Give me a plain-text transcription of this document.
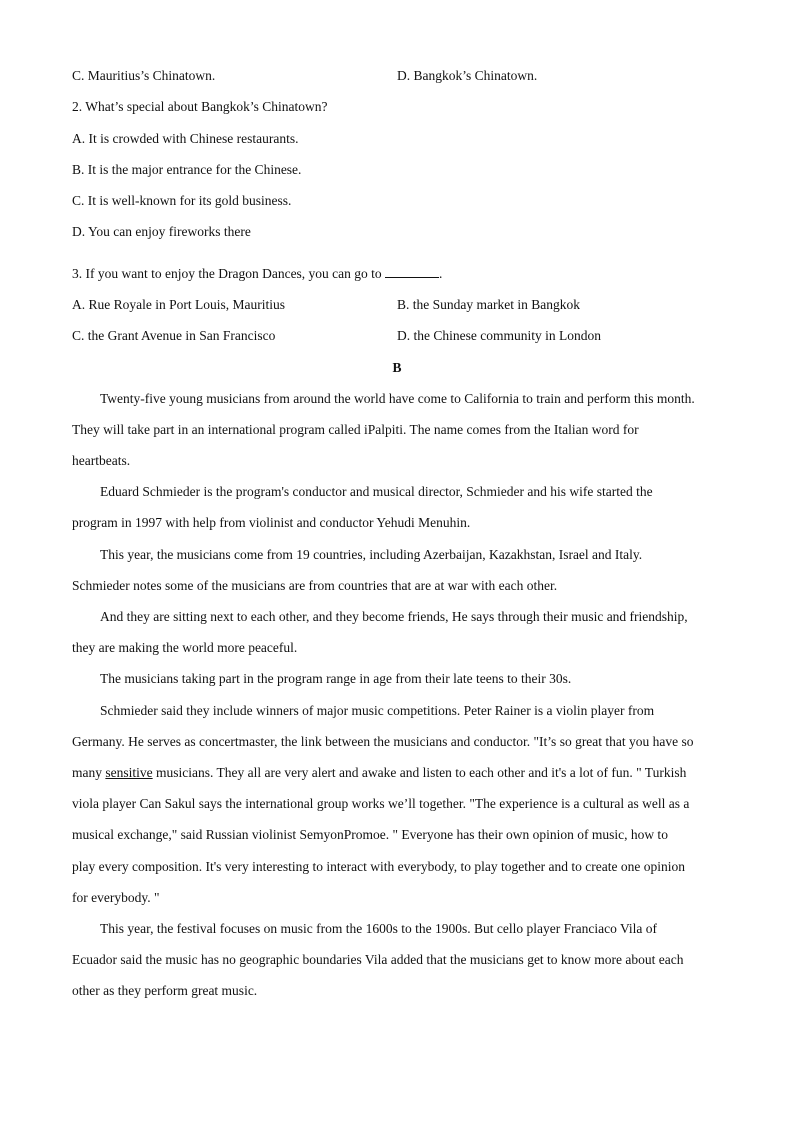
C. Mauritius’s Chinatown.	D. Bangkok’s Chinatown.
2. What’s special about Bangkok’s Chinatown?
A. It is crowded with Chinese restaurants.
B. It is the major entrance for the Chinese.
C. It is well-known for its gold business.
D. You can enjoy fireworks there
3. If you want to enjoy the Dragon Dances, you can go to	.
A. Rue Royale in Port Louis, Mauritius	B. the Sunday market in Bangkok
C. the Grant Avenue in San Francisco	D. the Chinese community in London
B
Twenty-five young musicians from around the world have come to California to train and perform this month.
They will take part in an international program called iPalpiti. The name comes from the Italian word for
heartbeats.
Eduard Schmieder is the program's conductor and musical director, Schmieder and his wife started the
program in 1997 with help from violinist and conductor Yehudi Menuhin.
This year, the musicians come from 19 countries, including Azerbaijan, Kazakhstan, Israel and Italy.
Schmieder notes some of the musicians are from countries that are at war with each other.
And they are sitting next to each other, and they become friends, He says through their music and friendship,
they are making the world more peaceful.
The musicians taking part in the program range in age from their late teens to their 30s.
Schmieder said they include winners of major music competitions. Peter Rainer is a violin player from
Germany. He serves as concertmaster, the link between the musicians and conductor. "It’s so great that you have so
many sensitive musicians. They all are very alert and awake and listen to each other and it's a lot of fun. " Turkish
viola player Can Sakul says the international group works we’ll together. "The experience is a cultural as well as a
musical exchange," said Russian violinist SemyonPromoe. " Everyone has their own opinion of music, how to
play every composition. It's very interesting to interact with everybody, to play together and to create one opinion
for everybody. "
This year, the festival focuses on music from the 1600s to the 1900s. But cello player Franciaco Vila of
Ecuador said the music has no geographic boundaries Vila added that the musicians get to know more about each
other as they perform great music.
